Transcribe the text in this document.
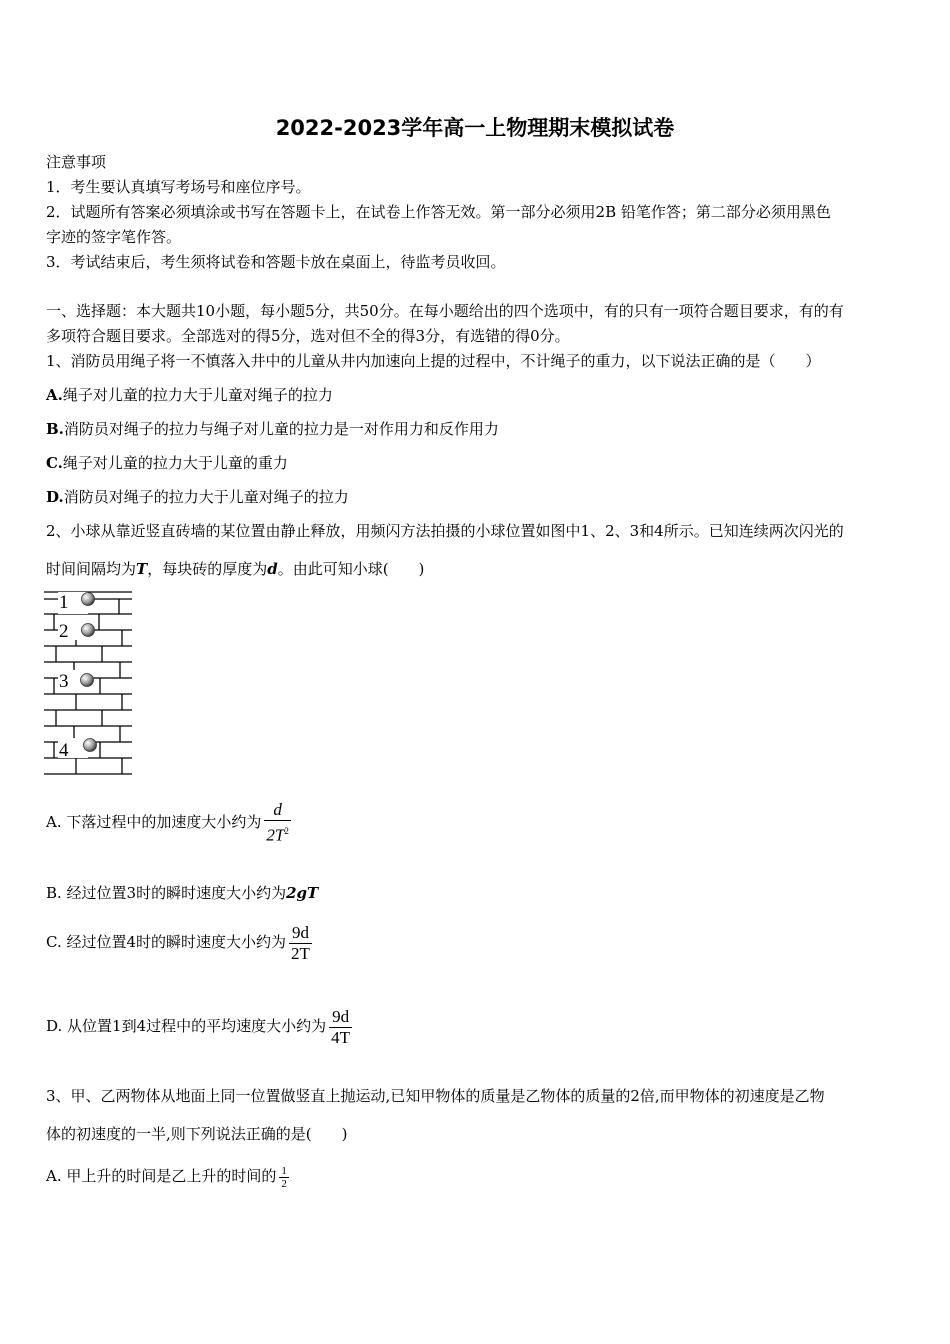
2022-2023学年高一上物理期末模拟试卷
注意事项
1．考生要认真填写考场号和座位序号。
2．试题所有答案必须填涂或书写在答题卡上，在试卷上作答无效。第一部分必须用2B 铅笔作答；第二部分必须用黑色
字迹的签字笔作答。
3．考试结束后，考生须将试卷和答题卡放在桌面上，待监考员收回。
一、选择题：本大题共10小题，每小题5分，共50分。在每小题给出的四个选项中，有的只有一项符合题目要求，有的有
多项符合题目要求。全部选对的得5分，选对但不全的得3分，有选错的得0分。
1、消防员用绳子将一不慎落入井中的儿童从井内加速向上提的过程中，不计绳子的重力，以下说法正确的是（　　）
A.绳子对儿童的拉力大于儿童对绳子的拉力
B.消防员对绳子的拉力与绳子对儿童的拉力是一对作用力和反作用力
C.绳子对儿童的拉力大于儿童的重力
D.消防员对绳子的拉力大于儿童对绳子的拉力
2、小球从靠近竖直砖墙的某位置由静止释放，用频闪方法拍摄的小球位置如图中1、2、3和4所示。已知连续两次闪光的
时间间隔均为T，每块砖的厚度为d。由此可知小球(　　)
1
2
3
4
A. 下落过程中的加速度大小约为 $\frac{d}{2T^2}$
B. 经过位置3时的瞬时速度大小约为2gT
C. 经过位置4时的瞬时速度大小约为 $\frac{9d}{2T}$
D. 从位置1到4过程中的平均速度大小约为 $\frac{9d}{4T}$
3、甲、乙两物体从地面上同一位置做竖直上抛运动,已知甲物体的质量是乙物体的质量的2倍,而甲物体的初速度是乙物
体的初速度的一半,则下列说法正确的是(　　)
A. 甲上升的时间是乙上升的时间的 $\frac{1}{2}$
